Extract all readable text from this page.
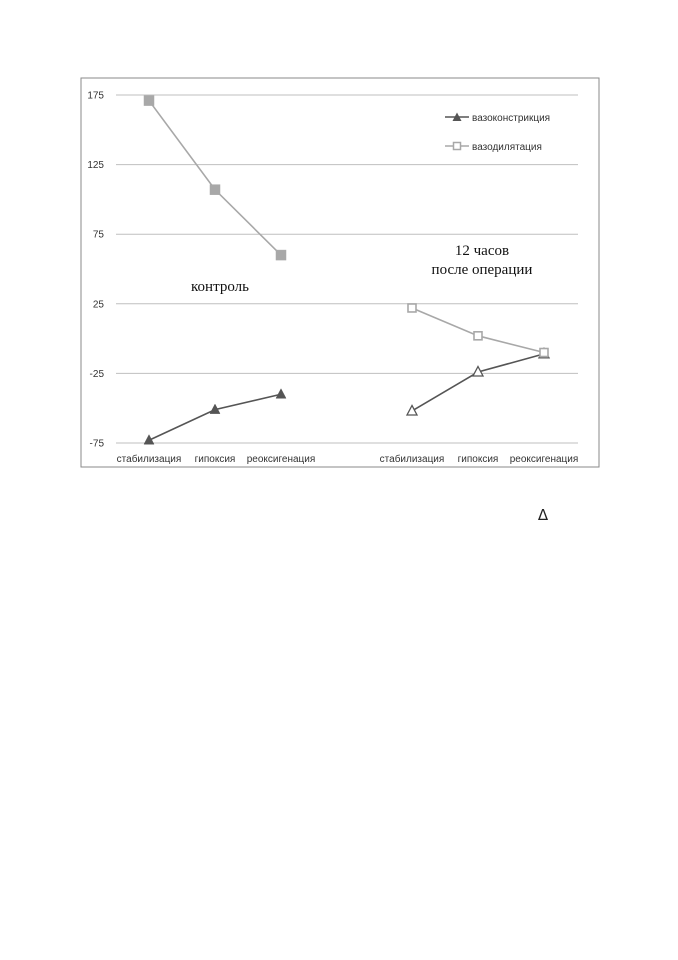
175
125
75
25
-25
-75
стабилизация гипоксия реоксигенация	стабилизация гипоксия реоксигенация
контроль
12 часов
после операции
вазоконстрикция
вазодилятация
Δ
